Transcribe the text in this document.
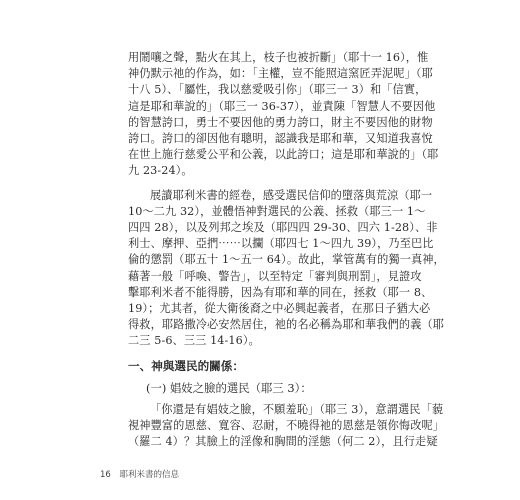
用鬧嚷之聲，點火在其上，枝子也被折斷」（耶十一 16），惟
神仍默示祂的作為，如：「主權，豈不能照這窯匠弄泥呢」（耶
十八 5）、「屬性，我以慈愛吸引你」（耶三一 3）和「信實，
這是耶和華說的」（耶三一 36-37），並責陳「智慧人不要因他
的智慧誇口，勇士不要因他的勇力誇口，財主不要因他的財物
誇口。誇口的卻因他有聰明，認識我是耶和華，又知道我喜悅
在世上施行慈愛公平和公義，以此誇口；這是耶和華說的」（耶
九 23-24）。
展讀耶利米書的經卷，感受選民信仰的墮落與荒涼（耶一
10～二九 32），並體悟神對選民的公義、拯救（耶三一 1～
四四 28），以及列邦之埃及（耶四四 29-30、四六 1-28）、非
利士、摩押、亞捫⋯⋯以攔（耶四七 1～四九 39），乃至巴比
倫的懲罰（耶五十 1～五一 64）。故此，掌管萬有的獨一真神，
藉著一般「呼喚、警告」，以至特定「審判與刑罰」，見證攻
擊耶利米者不能得勝，因為有耶和華的同在，拯救（耶一 8、
19）；尤其者，從大衛後裔之中必興起義者，在那日子猶大必
得救，耶路撒冷必安然居住，祂的名必稱為耶和華我們的義（耶
二三 5-6、三三 14-16）。
一、神與選民的關係：
(一) 娼妓之臉的選民（耶三 3）：
「你還是有娼妓之臉，不願羞恥」（耶三 3），意謂選民「藐
視神豐富的恩慈、寬容、忍耐，不曉得祂的恩慈是領你悔改呢」
（羅二 4）？其臉上的淫像和胸間的淫態（何二 2），且行走疑
16 耶利米書的信息
